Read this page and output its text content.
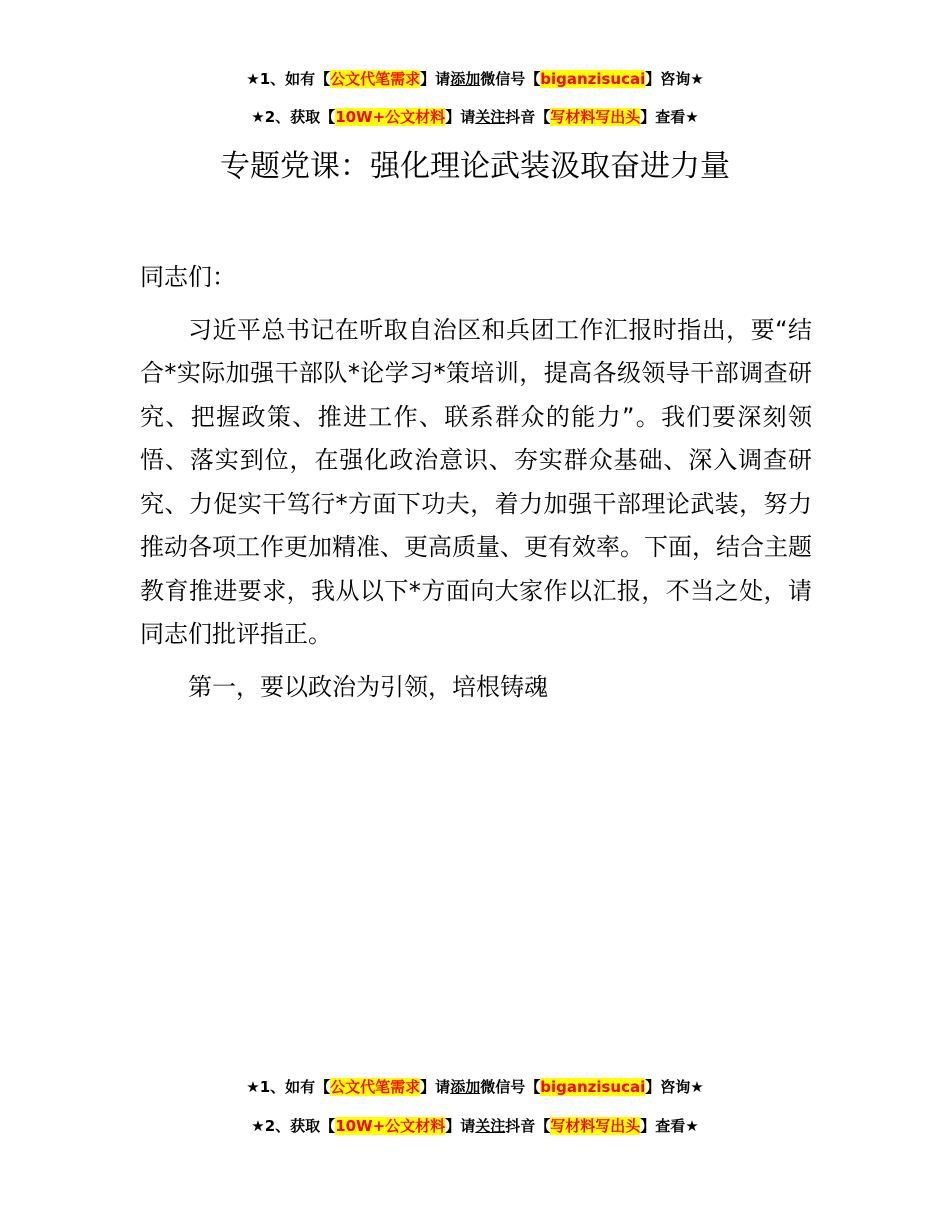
★1、如有【公文代笔需求】请添加微信号【biganzisucai】咨询★
★2、获取【10W+公文材料】请关注抖音【写材料写出头】查看★
专题党课：强化理论武装汲取奋进力量

同志们：

习近平总书记在听取自治区和兵团工作汇报时指出，要“结合*实际加强干部队*论学习*策培训，提高各级领导干部调查研究、把握政策、推进工作、联系群众的能力”。我们要深刻领悟、落实到位，在强化政治意识、夯实群众基础、深入调查研究、力促实干笃行*方面下功夫，着力加强干部理论武装，努力推动各项工作更加精准、更高质量、更有效率。下面，结合主题教育推进要求，我从以下*方面向大家作以汇报，不当之处，请同志们批评指正。

第一，要以政治为引领，培根铸魂

★1、如有【公文代笔需求】请添加微信号【biganzisucai】咨询★
★2、获取【10W+公文材料】请关注抖音【写材料写出头】查看★
